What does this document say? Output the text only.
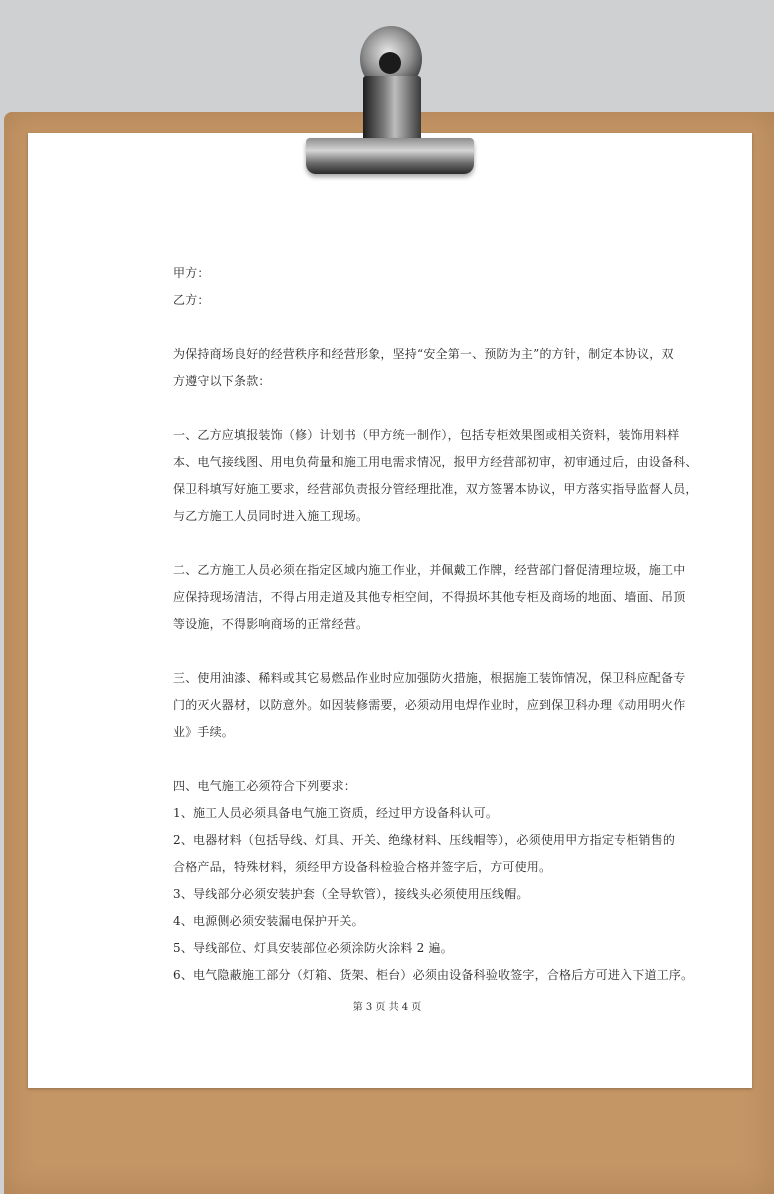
甲方：

乙方：

为保持商场良好的经营秩序和经营形象，坚持“安全第一、预防为主”的方针，制定本协议，双

方遵守以下条款：

一、乙方应填报装饰（修）计划书（甲方统一制作），包括专柜效果图或相关资料，装饰用料样

本、电气接线图、用电负荷量和施工用电需求情况，报甲方经营部初审，初审通过后，由设备科、

保卫科填写好施工要求，经营部负责报分管经理批准，双方签署本协议，甲方落实指导监督人员，

与乙方施工人员同时进入施工现场。

二、乙方施工人员必须在指定区域内施工作业，并佩戴工作牌，经营部门督促清理垃圾，施工中

应保持现场清洁，不得占用走道及其他专柜空间，不得损坏其他专柜及商场的地面、墙面、吊顶

等设施，不得影响商场的正常经营。

三、使用油漆、稀料或其它易燃品作业时应加强防火措施，根据施工装饰情况，保卫科应配备专

门的灭火器材，以防意外。如因装修需要，必须动用电焊作业时，应到保卫科办理《动用明火作

业》手续。

四、电气施工必须符合下列要求：

1、施工人员必须具备电气施工资质，经过甲方设备科认可。

2、电器材料（包括导线、灯具、开关、绝缘材料、压线帽等），必须使用甲方指定专柜销售的

合格产品，特殊材料，须经甲方设备科检验合格并签字后，方可使用。

3、导线部分必须安装护套（全导软管），接线头必须使用压线帽。

4、电源侧必须安装漏电保护开关。

5、导线部位、灯具安装部位必须涂防火涂料 2 遍。

6、电气隐蔽施工部分（灯箱、货架、柜台）必须由设备科验收签字，合格后方可进入下道工序。

第 3 页 共 4 页
